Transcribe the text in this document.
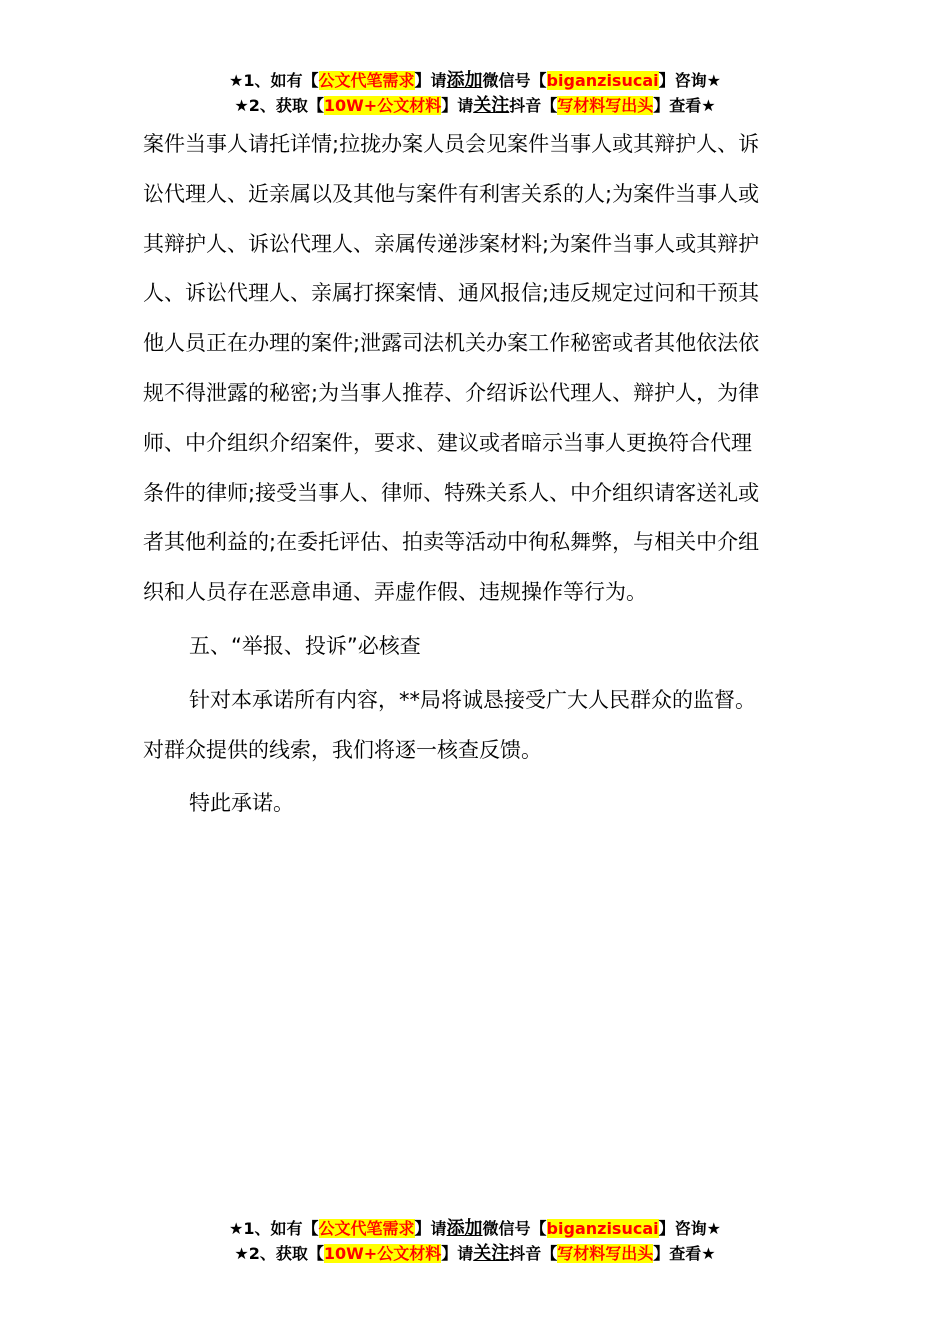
★1、如有【公文代笔需求】请添加微信号【biganzisucai】咨询★
★2、获取【10W+公文材料】请关注抖音【写材料写出头】查看★

案件当事人请托详情;拉拢办案人员会见案件当事人或其辩护人、诉

讼代理人、近亲属以及其他与案件有利害关系的人;为案件当事人或

其辩护人、诉讼代理人、亲属传递涉案材料;为案件当事人或其辩护

人、诉讼代理人、亲属打探案情、通风报信;违反规定过问和干预其

他人员正在办理的案件;泄露司法机关办案工作秘密或者其他依法依

规不得泄露的秘密;为当事人推荐、介绍诉讼代理人、辩护人，为律

师、中介组织介绍案件，要求、建议或者暗示当事人更换符合代理

条件的律师;接受当事人、律师、特殊关系人、中介组织请客送礼或

者其他利益的;在委托评估、拍卖等活动中徇私舞弊，与相关中介组

织和人员存在恶意串通、弄虚作假、违规操作等行为。

五、“举报、投诉”必核查

针对本承诺所有内容，**局将诚恳接受广大人民群众的监督。

对群众提供的线索，我们将逐一核查反馈。

特此承诺。

★1、如有【公文代笔需求】请添加微信号【biganzisucai】咨询★
★2、获取【10W+公文材料】请关注抖音【写材料写出头】查看★
